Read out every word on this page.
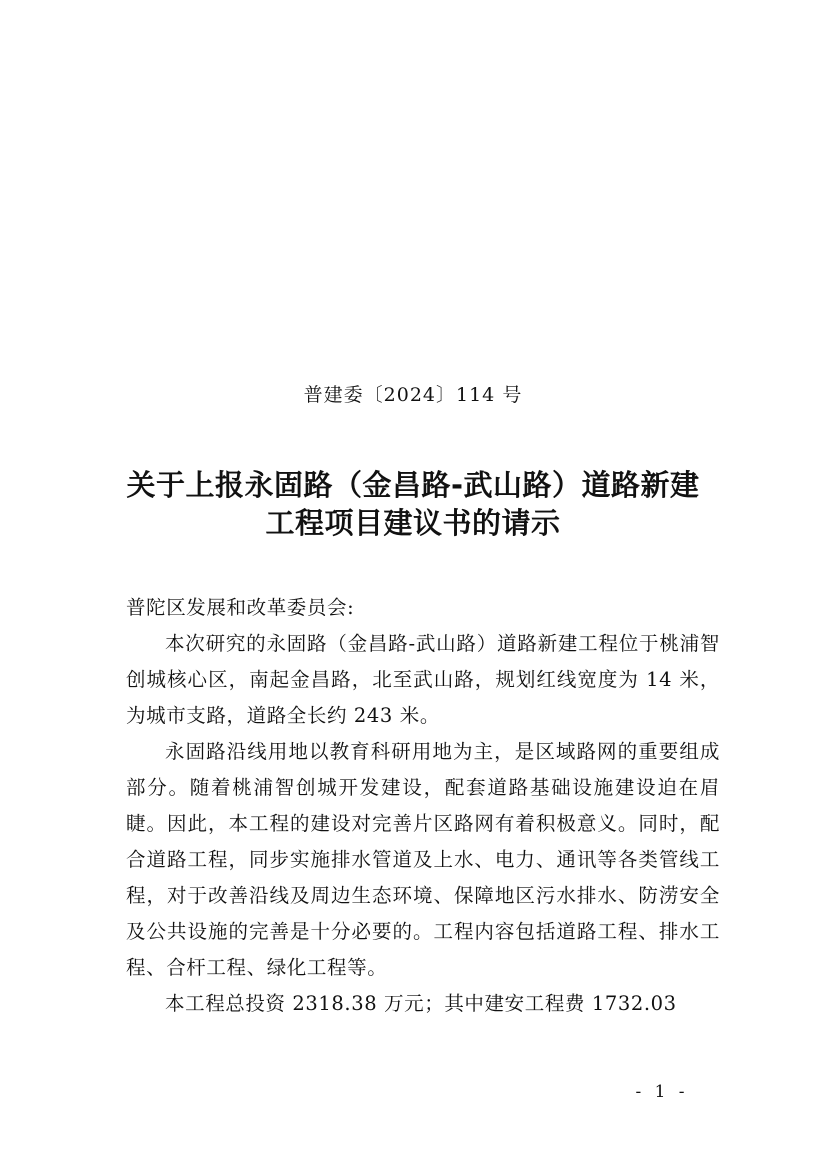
普建委〔2024〕114 号
关于上报永固路（金昌路-武山路）道路新建
工程项目建议书的请示

普陀区发展和改革委员会:

本次研究的永固路（金昌路-武山路）道路新建工程位于桃浦智创城核心区，南起金昌路，北至武山路，规划红线宽度为 14 米，为城市支路，道路全长约 243 米。

永固路沿线用地以教育科研用地为主，是区域路网的重要组成部分。随着桃浦智创城开发建设，配套道路基础设施建设迫在眉睫。因此，本工程的建设对完善片区路网有着积极意义。同时，配合道路工程，同步实施排水管道及上水、电力、通讯等各类管线工程，对于改善沿线及周边生态环境、保障地区污水排水、防涝安全及公共设施的完善是十分必要的。工程内容包括道路工程、排水工程、合杆工程、绿化工程等。

本工程总投资 2318.38 万元；其中建安工程费 1732.03

- 1 -
